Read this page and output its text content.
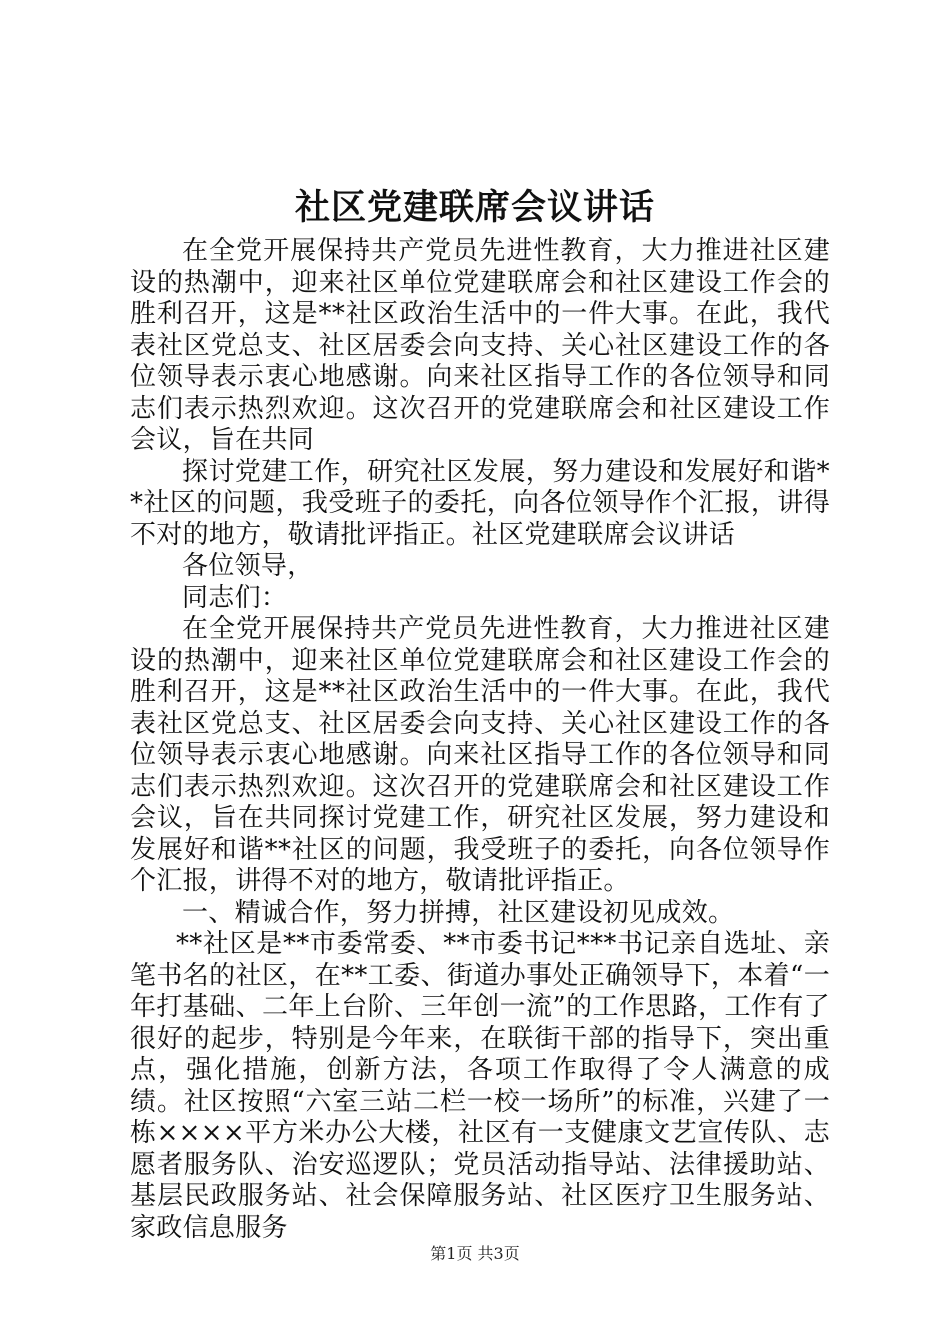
社区党建联席会议讲话

在全党开展保持共产党员先进性教育，大力推进社区建设的热潮中，迎来社区单位党建联席会和社区建设工作会的胜利召开，这是**社区政治生活中的一件大事。在此，我代表社区党总支、社区居委会向支持、关心社区建设工作的各位领导表示衷心地感谢。向来社区指导工作的各位领导和同志们表示热烈欢迎。这次召开的党建联席会和社区建设工作会议，旨在共同

探讨党建工作，研究社区发展，努力建设和发展好和谐**社区的问题，我受班子的委托，向各位领导作个汇报，讲得不对的地方，敬请批评指正。社区党建联席会议讲话

各位领导，

同志们：

在全党开展保持共产党员先进性教育，大力推进社区建设的热潮中，迎来社区单位党建联席会和社区建设工作会的胜利召开，这是**社区政治生活中的一件大事。在此，我代表社区党总支、社区居委会向支持、关心社区建设工作的各位领导表示衷心地感谢。向来社区指导工作的各位领导和同志们表示热烈欢迎。这次召开的党建联席会和社区建设工作会议，旨在共同探讨党建工作，研究社区发展，努力建设和发展好和谐**社区的问题，我受班子的委托，向各位领导作个汇报，讲得不对的地方，敬请批评指正。

一、精诚合作，努力拼搏，社区建设初见成效。

**社区是**市委常委、**市委书记***书记亲自选址、亲笔书名的社区，在**工委、街道办事处正确领导下，本着“一年打基础、二年上台阶、三年创一流”的工作思路，工作有了很好的起步，特别是今年来，在联街干部的指导下，突出重点，强化措施，创新方法，各项工作取得了令人满意的成绩。社区按照“六室三站二栏一校一场所”的标准，兴建了一栋××××平方米办公大楼，社区有一支健康文艺宣传队、志愿者服务队、治安巡逻队；党员活动指导站、法律援助站、基层民政服务站、社会保障服务站、社区医疗卫生服务站、家政信息服务

第1页 共3页
